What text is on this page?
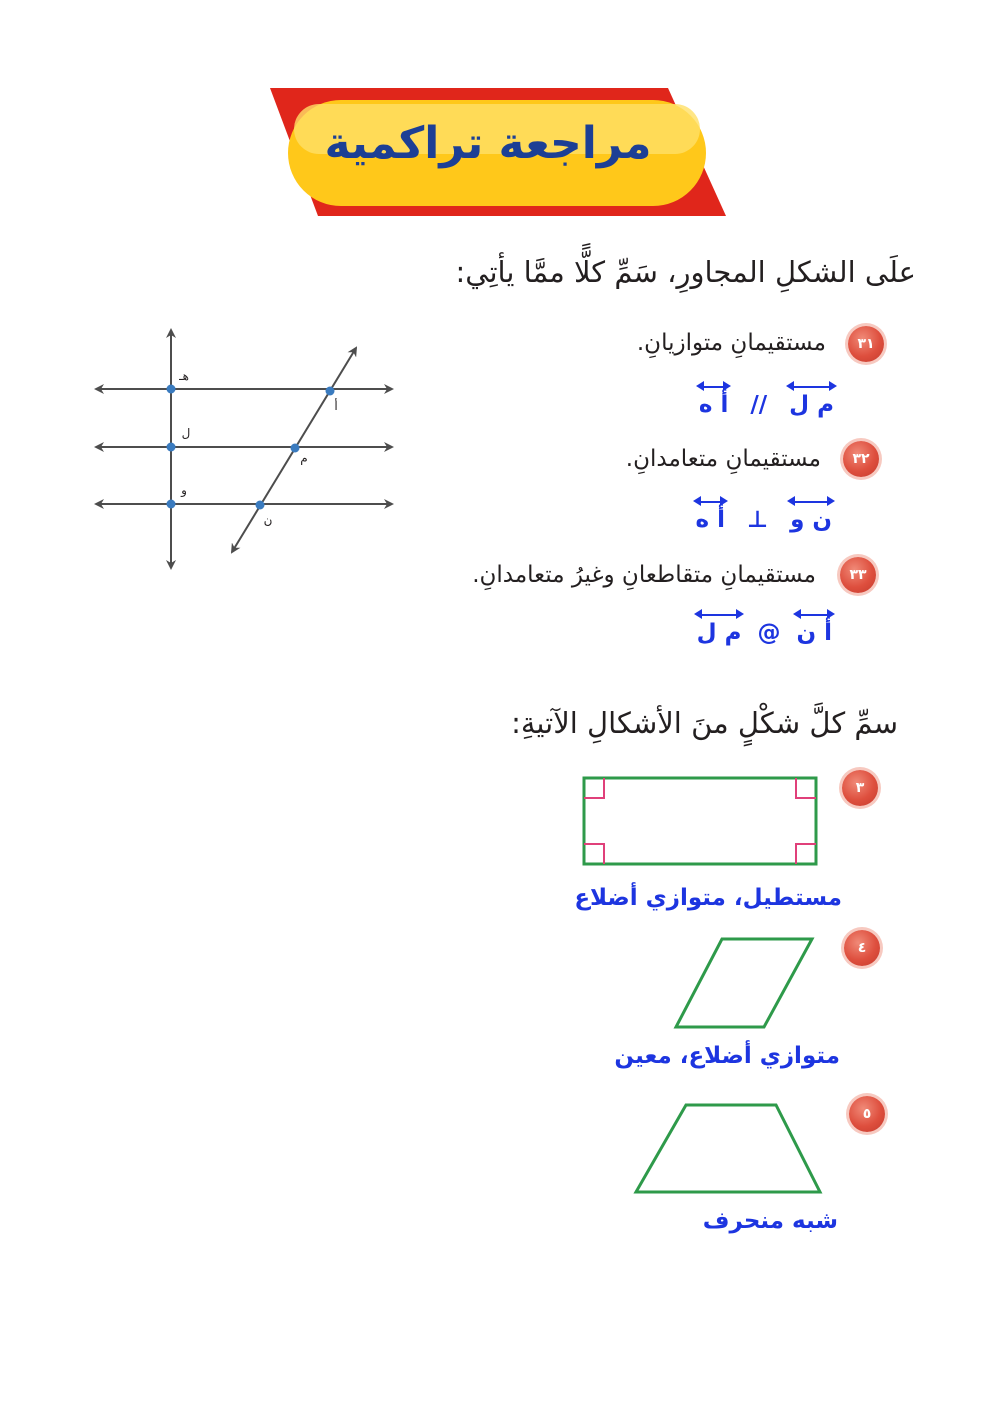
مراجعة تراكمية
علَى الشكلِ المجاورِ، سَمِّ كلًّا ممَّا يأتِي:
٣١
مستقيمانِ متوازيانِ.
م ل
//
أ ه
٣٢
مستقيمانِ متعامدانِ.
ن و
⊥
أ ه
٣٣
مستقيمانِ متقاطعانِ وغيرُ متعامدانِ.
أ ن
@
م ل
هـ
أ
ل
م
و
ن
سمِّ كلَّ شكْلٍ منَ الأشكالِ الآتيةِ:
٣
مستطيل، متوازي أضلاع
٤
متوازي أضلاع، معين
٥
شبه منحرف
